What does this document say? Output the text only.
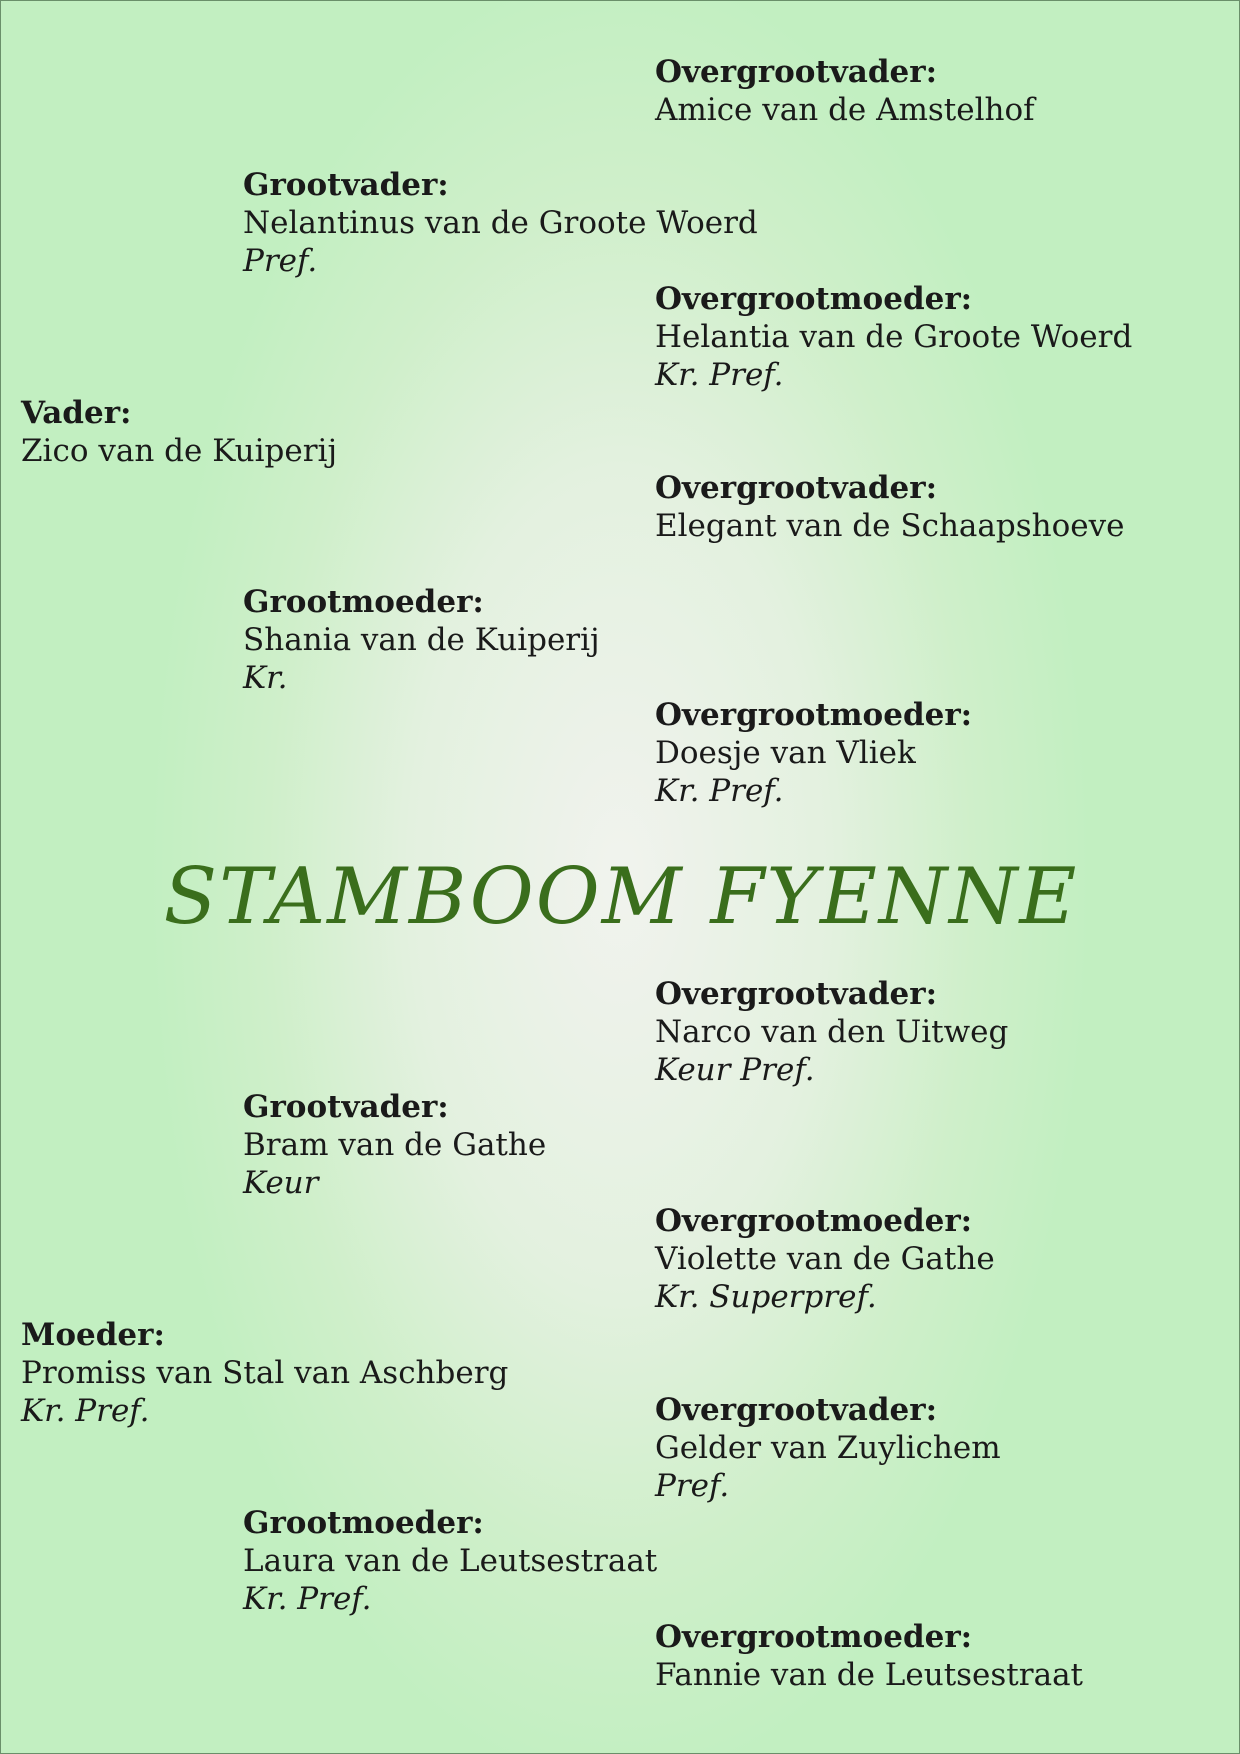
Overgrootvader:
Amice van de Amstelhof
Grootvader:
Nelantinus van de Groote Woerd
Pref.
Overgrootmoeder:
Helantia van de Groote Woerd
Kr. Pref.
Vader:
Zico van de Kuiperij
Overgrootvader:
Elegant van de Schaapshoeve
Grootmoeder:
Shania van de Kuiperij
Kr.
Overgrootmoeder:
Doesje van Vliek
Kr. Pref.
STAMBOOM FYENNE
Overgrootvader:
Narco van den Uitweg
Keur Pref.
Grootvader:
Bram van de Gathe
Keur
Overgrootmoeder:
Violette van de Gathe
Kr. Superpref.
Moeder:
Promiss van Stal van Aschberg
Kr. Pref.	Overgrootvader:
Gelder van Zuylichem
Pref.
Grootmoeder:
Laura van de Leutsestraat
Kr. Pref.
Overgrootmoeder:
Fannie van de Leutsestraat
